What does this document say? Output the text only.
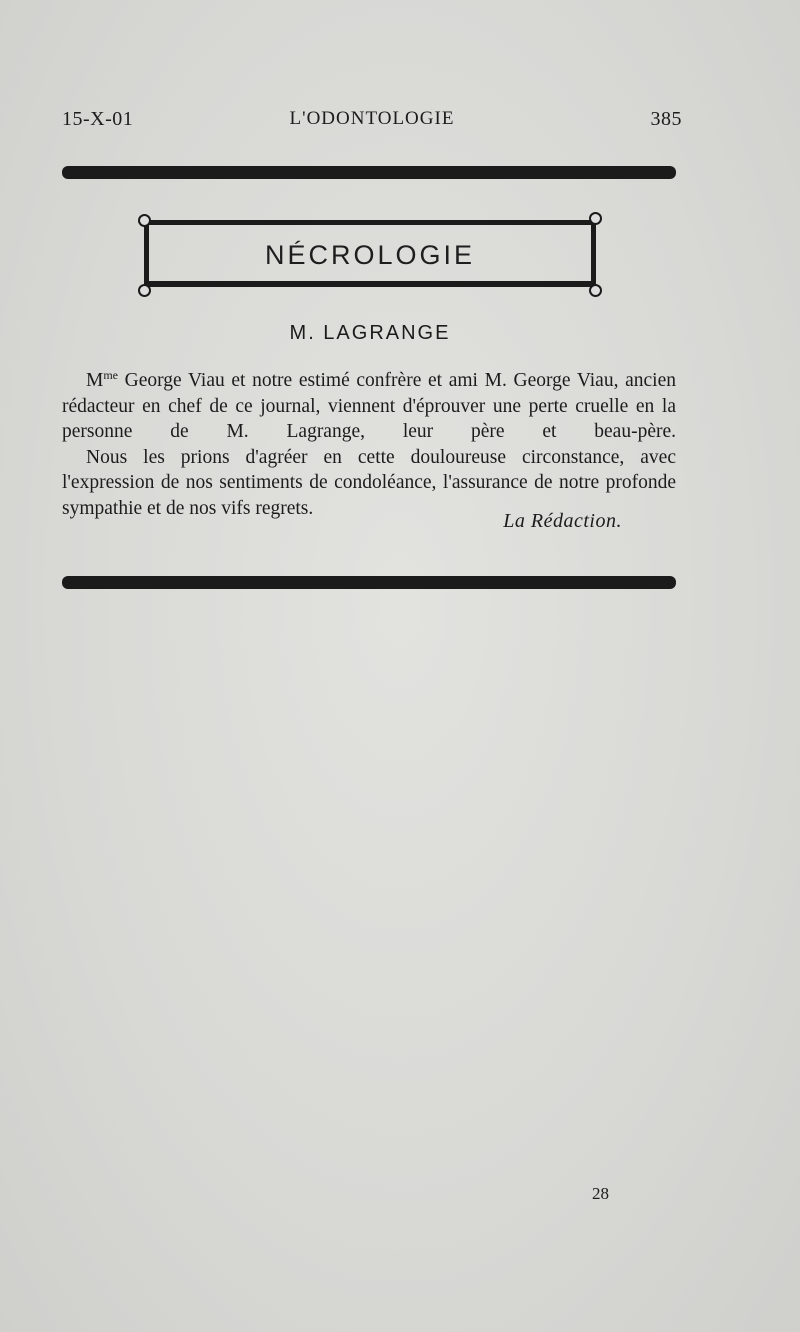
15-X-01	L'ODONTOLOGIE	385
NÉCROLOGIE
M. LAGRANGE

$M^{me}$ George Viau et notre estimé confrère et ami M. George Viau, ancien rédacteur en chef de ce journal, viennent d'éprouver une perte cruelle en la personne de M. Lagrange, leur père et beau-père.

Nous les prions d'agréer en cette douloureuse circonstance, avec l'expression de nos sentiments de condoléance, l'assurance de notre profonde sympathie et de nos vifs regrets.

La Rédaction.
28
